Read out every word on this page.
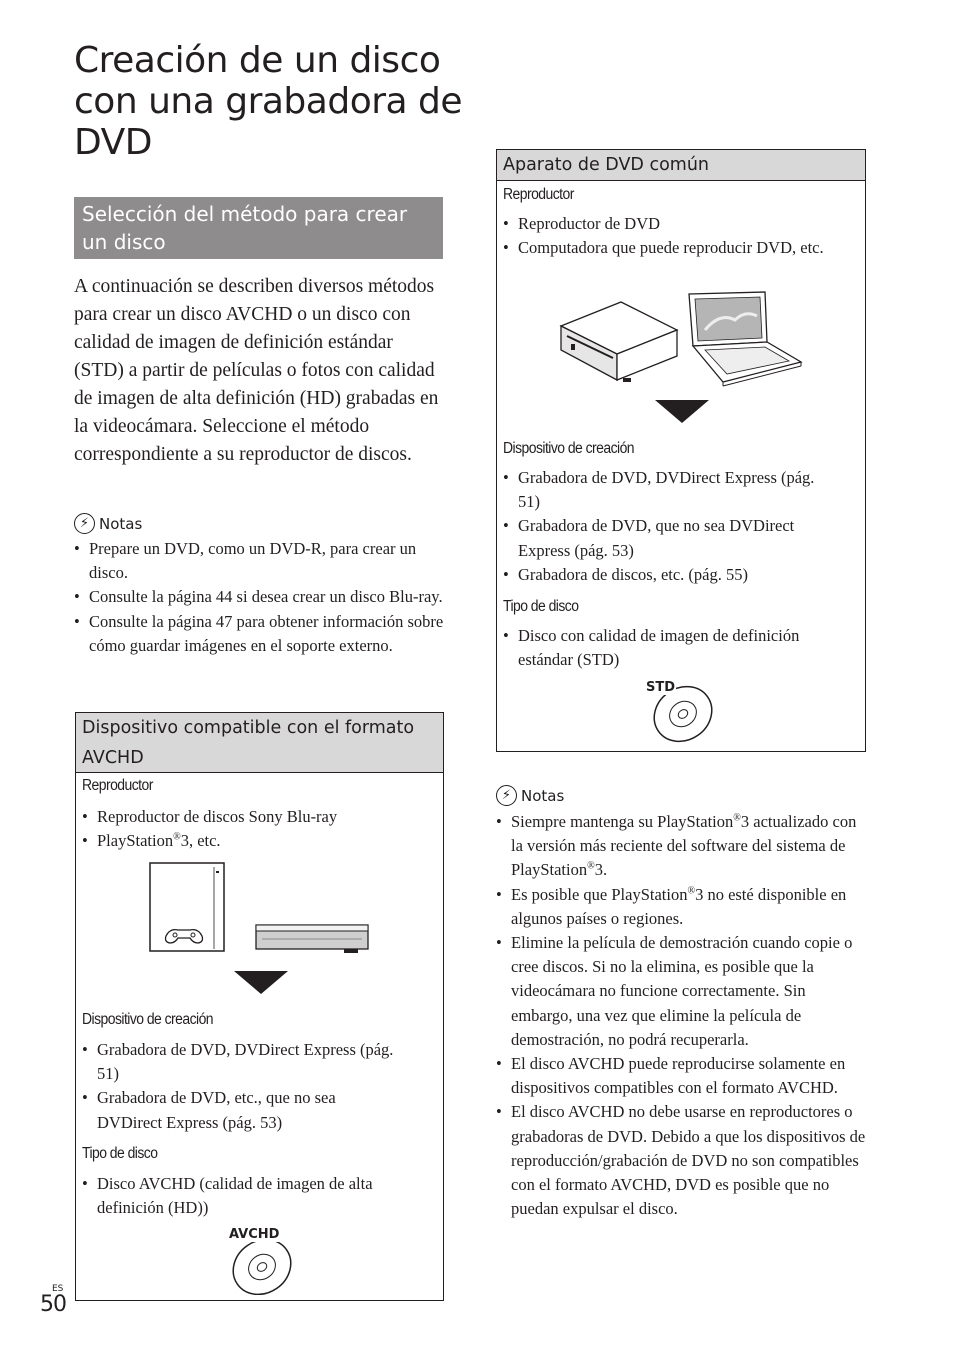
Creación de un disco con una grabadora de DVD
Selección del método para crear un disco

A continuación se describen diversos métodos para crear un disco AVCHD o un disco con calidad de imagen de definición estándar (STD) a partir de películas o fotos con calidad de imagen de alta definición (HD) grabadas en la videocámara. Seleccione el método correspondiente a su reproductor de discos.

⚡ Notas
• Prepare un DVD, como un DVD-R, para crear un disco.
• Consulte la página 44 si desea crear un disco Blu-ray.
• Consulte la página 47 para obtener información sobre cómo guardar imágenes en el soporte externo.
Dispositivo compatible con el formato AVCHD
Reproductor
• Reproductor de discos Sony Blu-ray
• PlayStation®3, etc.
Dispositivo de creación
• Grabadora de DVD, DVDirect Express (pág. 51)
• Grabadora de DVD, etc., que no sea DVDirect Express (pág. 53)
Tipo de disco
• Disco AVCHD (calidad de imagen de alta definición (HD))
AVCHD
Aparato de DVD común
Reproductor
• Reproductor de DVD
• Computadora que puede reproducir DVD, etc.
Dispositivo de creación
• Grabadora de DVD, DVDirect Express (pág. 51)
• Grabadora de DVD, que no sea DVDirect Express (pág. 53)
• Grabadora de discos, etc. (pág. 55)
Tipo de disco
• Disco con calidad de imagen de definición estándar (STD)
STD
⚡ Notas
• Siempre mantenga su PlayStation®3 actualizado con la versión más reciente del software del sistema de PlayStation®3.
• Es posible que PlayStation®3 no esté disponible en algunos países o regiones.
• Elimine la película de demostración cuando copie o cree discos. Si no la elimina, es posible que la videocámara no funcione correctamente. Sin embargo, una vez que elimine la película de demostración, no podrá recuperarla.
• El disco AVCHD puede reproducirse solamente en dispositivos compatibles con el formato AVCHD.
• El disco AVCHD no debe usarse en reproductores o grabadoras de DVD. Debido a que los dispositivos de reproducción/grabación de DVD no son compatibles con el formato AVCHD, DVD es posible que no puedan expulsar el disco.
ES
50
